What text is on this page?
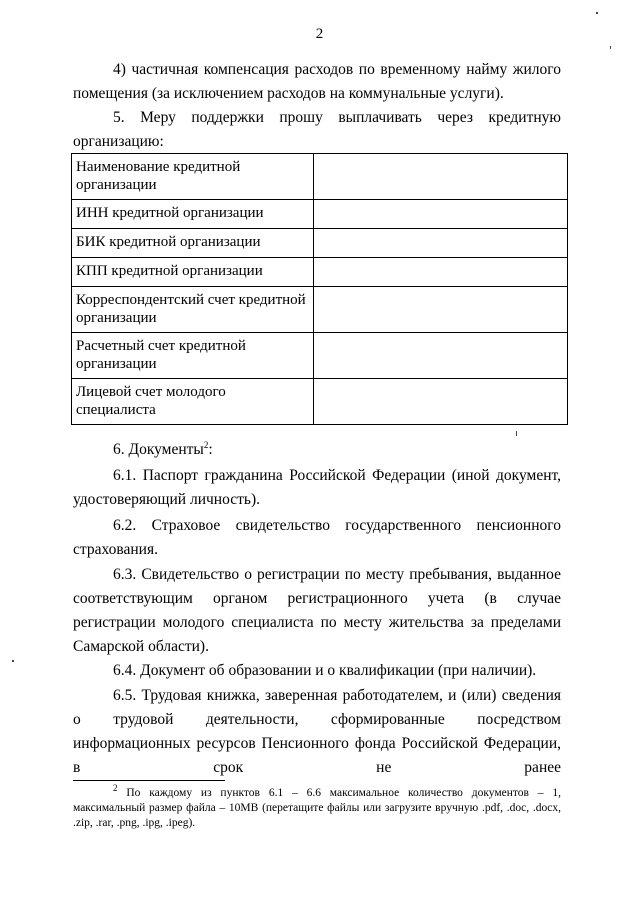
2
4) частичная компенсация расходов по временному найму жилого помещения (за исключением расходов на коммунальные услуги).
5. Меру поддержки прошу выплачивать через кредитную организацию:
Наименование кредитной организации	
ИНН кредитной организации	
БИК кредитной организации	
КПП кредитной организации	
Корреспондентский счет кредитной организации	
Расчетный счет кредитной организации	
Лицевой счет молодого специалиста	
6. Документы$^2$:
6.1. Паспорт гражданина Российской Федерации (иной документ, удостоверяющий личность).
6.2. Страховое свидетельство государственного пенсионного страхования.
6.3. Свидетельство о регистрации по месту пребывания, выданное соответствующим органом регистрационного учета (в случае регистрации молодого специалиста по месту жительства за пределами Самарской области).
6.4. Документ об образовании и о квалификации (при наличии).
6.5. Трудовая книжка, заверенная работодателем, и (или) сведения о трудовой деятельности, сформированные посредством информационных ресурсов Пенсионного фонда Российской Федерации, в срок не ранее
$^2$ По каждому из пунктов 6.1 – 6.6 максимальное количество документов – 1, максимальный размер файла – 10МВ (перетащите файлы или загрузите вручную .pdf, .doc, .docx, .zip, .rar, .png, .ipg, .ipeg).
